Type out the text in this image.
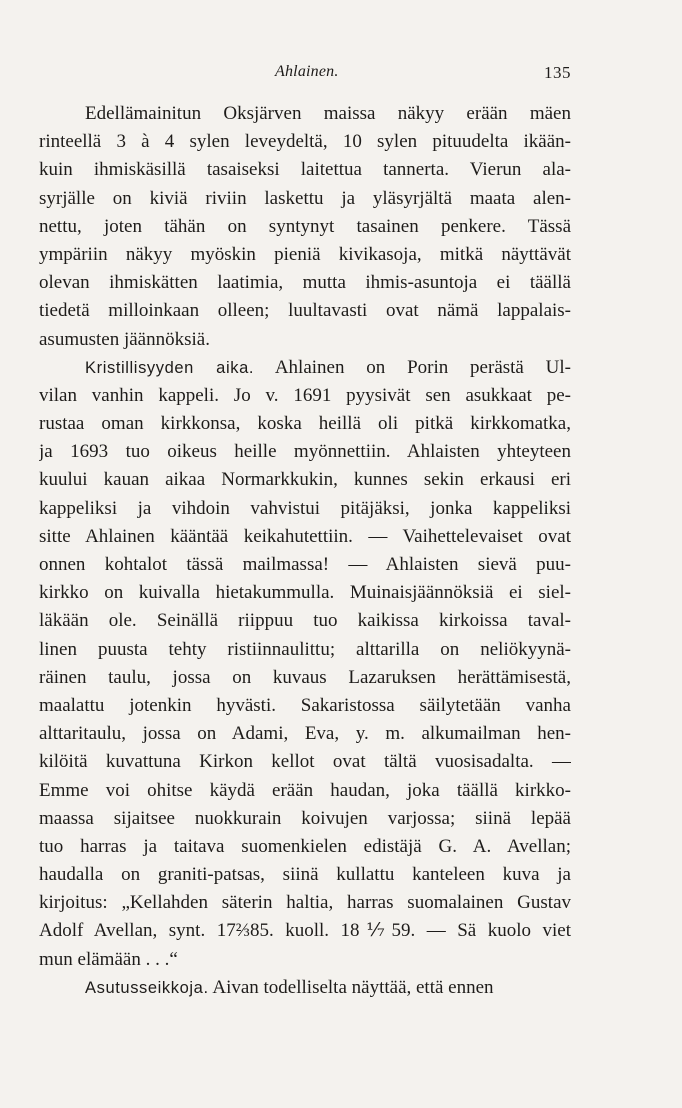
Ahlainen.	135
Edellämainitun Oksjärven maissa näkyy erään mäen
rinteellä 3 à 4 sylen leveydeltä, 10 sylen pituudelta ikään-
kuin ihmiskäsillä tasaiseksi laitettua tannerta. Vierun ala-
syrjälle on kiviä riviin laskettu ja yläsyrjältä maata alen-
nettu, joten tähän on syntynyt tasainen penkere. Tässä
ympäriin näkyy myöskin pieniä kivikasoja, mitkä näyttävät
olevan ihmiskätten laatimia, mutta ihmis-asuntoja ei täällä
tiedetä milloinkaan olleen; luultavasti ovat nämä lappalais-
asumusten jäännöksiä.
Kristillisyyden aika. Ahlainen on Porin perästä Ul-
vilan vanhin kappeli. Jo v. 1691 pyysivät sen asukkaat pe-
rustaa oman kirkkonsa, koska heillä oli pitkä kirkkomatka,
ja 1693 tuo oikeus heille myönnettiin. Ahlaisten yhteyteen
kuului kauan aikaa Normarkkukin, kunnes sekin erkausi eri
kappeliksi ja vihdoin vahvistui pitäjäksi, jonka kappeliksi
sitte Ahlainen kääntää keikahutettiin. — Vaihettelevaiset ovat
onnen kohtalot tässä mailmassa! — Ahlaisten sievä puu-
kirkko on kuivalla hietakummulla. Muinaisjäännöksiä ei siel-
läkään ole. Seinällä riippuu tuo kaikissa kirkoissa taval-
linen puusta tehty ristiinnaulittu; alttarilla on neliökyynä-
räinen taulu, jossa on kuvaus Lazaruksen herättämisestä,
maalattu jotenkin hyvästi. Sakaristossa säilytetään vanha
alttaritaulu, jossa on Adami, Eva, y. m. alkumailman hen-
kilöitä kuvattuna Kirkon kellot ovat tältä vuosisadalta. —
Emme voi ohitse käydä erään haudan, joka täällä kirkko-
maassa sijaitsee nuokkurain koivujen varjossa; siinä lepää
tuo harras ja taitava suomenkielen edistäjä G. A. Avellan;
haudalla on graniti-patsas, siinä kullattu kanteleen kuva ja
kirjoitus: „Kellahden säterin haltia, harras suomalainen Gustav
Adolf Avellan, synt. 17⅔85. kuoll. 18⅐59. — Sä kuolo viet
mun elämään . . .“
Asutusseikkoja. Aivan todelliselta näyttää, että ennen
